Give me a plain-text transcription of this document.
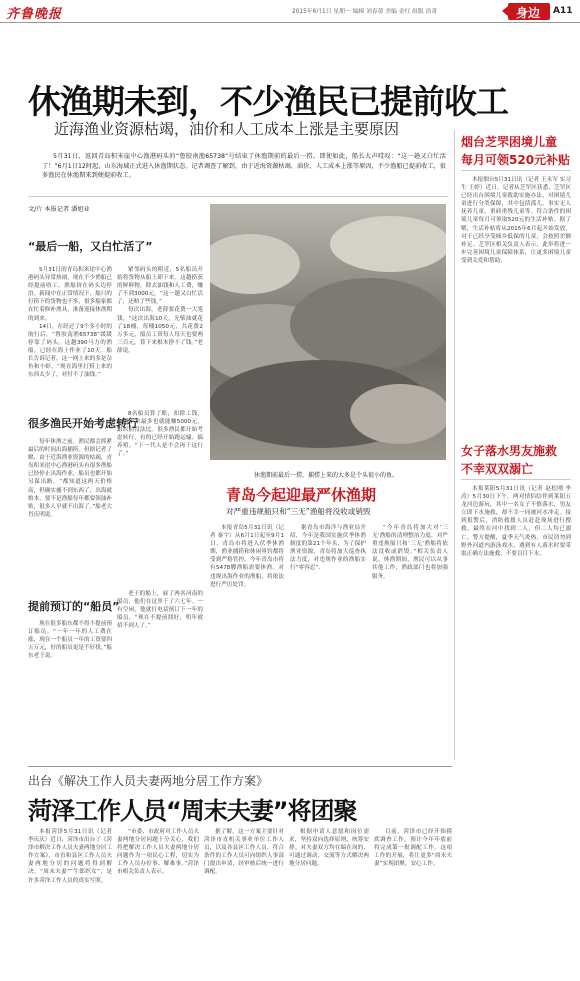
齐鲁晚报	2015年6月1日 星期一 编辑 刘春蕾 美编 金红 组版 浩菁	身边 A11
休渔期未到，不少渔民已提前收工
近海渔业资源枯竭，油价和人工成本上涨是主要原因

5月31日，返回青岛积米崖中心渔港码头的“鲁胶南渔65738”号结束了休渔期前的最后一捞。即使如此，船长大声哎叹：“这一趟又白忙活了！”6月1日12时起，山东海域正式进入休渔期状态。记者调查了解到，由于近海资源枯竭、油价、人工成本上涨等原因，不少渔船已提前收工，很多渔民在休渔期来到便提前收工。

文/片 本报记者 潘旭业
“最后一船，又白忙活了”

5月31日的青岛积米崖中心渔港码头异常热闹，现在不少渔船已经提前收工，渔船挤在码头边停泊。新闻中在正常情况下，船只的打捞下的货物也不多，很多船家都在忙着修补渔具，准备迎接休渔期的到来。

14日，在经过了9个多小时的航行后，“鲁胶南渔65738”缓缓停靠了码头。这趟390马力的渔船，已经在海上作业了10天。船长告诉记者，这一网上来的多是杂鱼和小虾，“现在海里打捞上来的东西太少了，对付不了油钱。”

紧邻码头的附近，5名船员开始将货物从船上卸下来。这趟捞获的鲜鲜物，除去油钱和人工费，赚了不到3000元。“这一趟又白忙活了，还赔了些钱。”

每次出海，老薛要花费一大笔钱。“这次出海10天，光柴油就花了18桶，每桶1050元，共花费2万多元，船员工资每人每天也要两三百元，算下来根本挣不了钱。”老薛说。

休渔期前最后一捞，捕捞上来的大多是个头很小的鱼。
很多渔民开始考虑转行

每年休渔之前，渔民都会抓紧最后的时间出海捕捞。但据记者了解，由于近海渔业资源的枯竭，青岛积米崖中心渔港码头有很多渔船已经停止出海作业，船员也都开始另谋出路。“都知道这两天价格高，但确实捕不到东西了，出海就赔本，要不是渔船每年都要领油补贴，很多人早就不出海了。”船老大肖庆明说。

8名船员算了账，扣除工钱，一趟下来最多也就能赚5000元，跟以前没法比。很多渔民都开始考虑转行，有的已经开始跑运输、搞养殖。“下一代人是不会再干这行了。”

提前预订的“船员”

现在很多船东都不得不提前预订船员。“一年一年的人工费在涨，现在一个船员一年的工资要四五万元，好的船员更是不好找。”船东老王说。

老王的船上，雇了两名河南的船员，他们在这里干了六七年。一有空闲，他就打电话预订下一年的船员，“现在不提前找好，明年就招不到人了。”

青岛今起迎最严休渔期
对严重违规船只和“三无”渔船将没收或销毁

本报青岛5月31日讯（记者 秦宇）从6月1日起至9月1日，青岛市将进入伏季休渔期，渔业捕捞和休闲垂钓都将受到严格管控。今年青岛市将有5478艘渔船需要休渔。对违规出海作业的渔船，将依法进行严厉处罚。

据青岛市海洋与渔业局介绍，今年是我国实施伏季休渔制度的第21个年头，为了保护渔业资源，青岛将加大巡查执法力度，对违规作业的渔船实行“零容忍”。

“今年青岛将加大对‘三无’渔船的清理整治力度，对严重违规船只和‘三无’渔船将依法没收或销毁。”相关负责人说。休渔期间，渔民可以从事其他工作，渔政部门也将加强服务。

烟台芝罘困境儿童
每月可领520元补贴

本报烟台5月31日讯（记者 王永军 实习生 王婷）近日，记者从芝罘区获悉，芝罘区已经出台困境儿童救助实施办法，对困境儿童进行分类保障，其中包括孤儿、事实无人抚养儿童、重病重残儿童等。符合条件的困境儿童每月可领取520元的生活补贴。据了解，生活补贴将从2015年6月起开始发放，对于已经享受城乡低保的儿童，会按照差额补足。芝罘区相关负责人表示，此举将进一步完善困境儿童保障体系，让更多困境儿童受到关爱和帮助。

女子落水男友施救
不幸双双溺亡

本报莱阳5月31日讯（记者 赵松刚 李涛）5月30日下午，两对情侣结伴到莱阳五龙河边游玩，其中一名女子不慎落水，男友立即下水施救，却不幸一同被河水冲走。接到报警后，消防救援人员赶赴现场进行搜救，最终在河中找到二人，但二人均已溺亡。警方提醒，夏季天气炎热，市民切勿到野外河道内游泳戏水，遇到有人落水时要采取正确方法施救，不要盲目下水。

出台《解决工作人员夫妻两地分居工作方案》
菏泽工作人员“周末夫妻”将团聚

本报菏泽5月31日讯（记者 李庆庆）近日，菏泽市出台了《菏泽市解决工作人员夫妻两地分居工作方案》，市直和县区工作人员夫妻两地分居的问题将得到解决。“周末夫妻”“牛郎织女”，是许多菏泽工作人员的真实写照。

“市委、市政府对工作人员夫妻两地分居问题十分关心，我们将把解决工作人员夫妻两地分居问题作为一项民心工程，切实为工作人员办好事、解难事。”菏泽市相关负责人表示。

据了解，这一方案主要针对菏泽市直机关事业单位工作人员，以及各县区工作人员。符合条件的工作人员可向组织人事部门提出申请，经审核后统一进行调配。

根据申请人意愿和岗位需求，坚持双向选择原则，统筹安排。对夫妻双方均在编在岗的，可通过调动、交流等方式解决两地分居问题。

目前，菏泽市已经开始摸底调查工作，预计今年年底前将完成第一批调配工作。这项工作的开展，将让更多“周末夫妻”实现团聚，安心工作。
